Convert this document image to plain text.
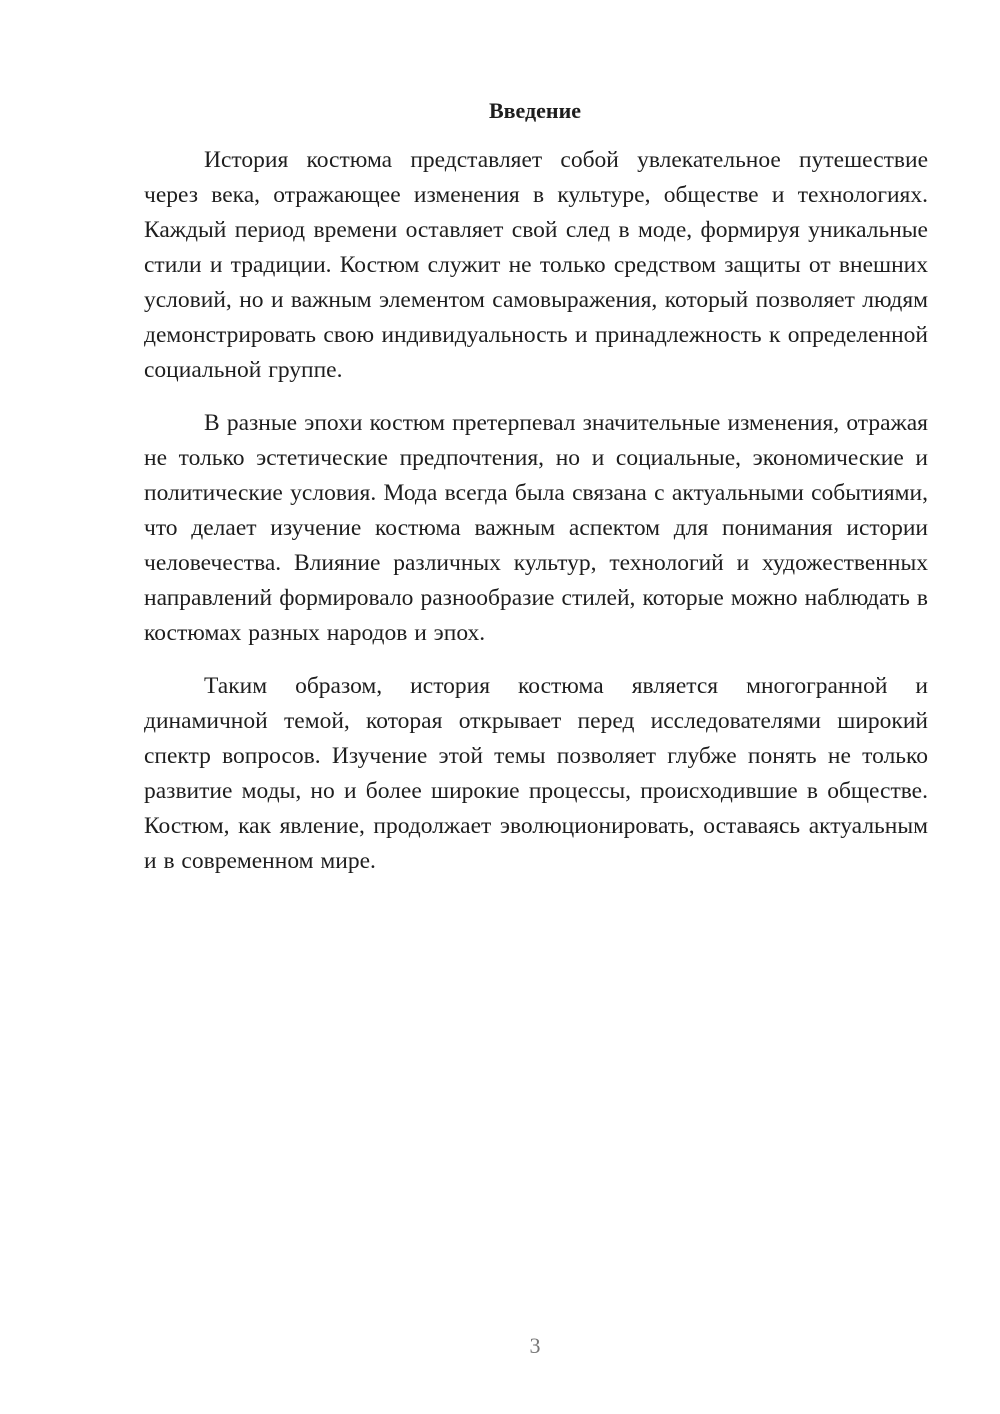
Введение

История костюма представляет собой увлекательное путешествие через века, отражающее изменения в культуре, обществе и технологиях. Каждый период времени оставляет свой след в моде, формируя уникальные стили и традиции. Костюм служит не только средством защиты от внешних условий, но и важным элементом самовыражения, который позволяет людям демонстрировать свою индивидуальность и принадлежность к определенной социальной группе.

В разные эпохи костюм претерпевал значительные изменения, отражая не только эстетические предпочтения, но и социальные, экономические и политические условия. Мода всегда была связана с актуальными событиями, что делает изучение костюма важным аспектом для понимания истории человечества. Влияние различных культур, технологий и художественных направлений формировало разнообразие стилей, которые можно наблюдать в костюмах разных народов и эпох.

Таким образом, история костюма является многогранной и динамичной темой, которая открывает перед исследователями широкий спектр вопросов. Изучение этой темы позволяет глубже понять не только развитие моды, но и более широкие процессы, происходившие в обществе. Костюм, как явление, продолжает эволюционировать, оставаясь актуальным и в современном мире.

3
